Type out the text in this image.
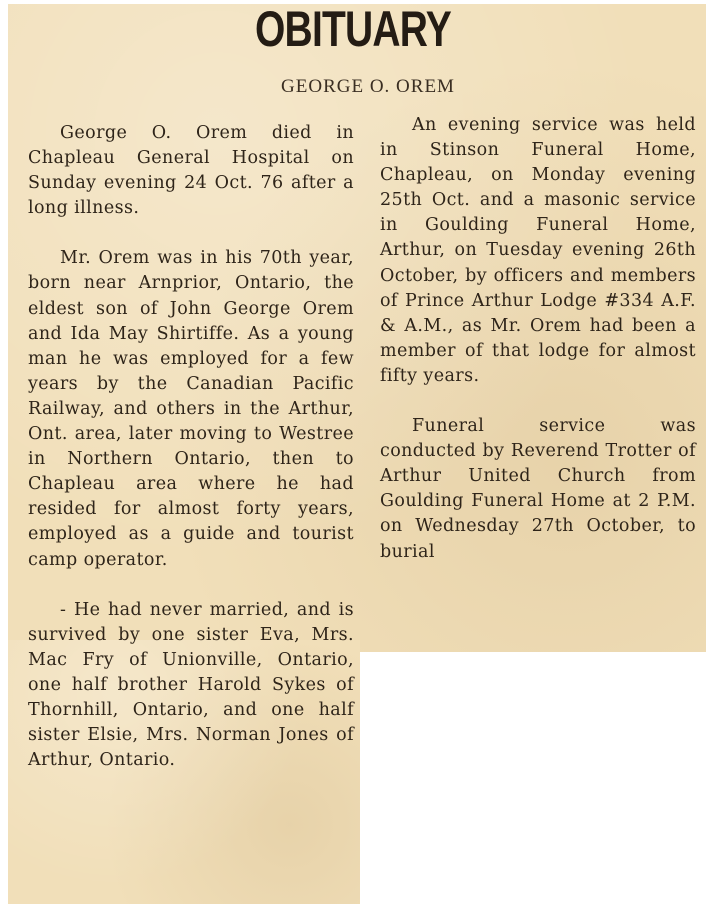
OBITUARY
GEORGE O. OREM

George O. Orem died in Chapleau General Hospital on Sunday evening 24 Oct. 76 after a long illness.

Mr. Orem was in his 70th year, born near Arnprior, Ontario, the eldest son of John George Orem and Ida May Shirtiffe. As a young man he was employed for a few years by the Canadian Pacific Railway, and others in the Arthur, Ont. area, later moving to Westree in Northern Ontario, then to Chapleau area where he had resided for almost forty years, employed as a guide and tourist camp operator.

- He had never married, and is survived by one sister Eva, Mrs. Mac Fry of Unionville, Ontario, one half brother Harold Sykes of Thornhill, Ontario, and one half sister Elsie, Mrs. Norman Jones of Arthur, Ontario.

An evening service was held in Stinson Funeral Home, Chapleau, on Monday evening 25th Oct. and a masonic service in Goulding Funeral Home, Arthur, on Tuesday evening 26th October, by officers and members of Prince Arthur Lodge #334 A.F. & A.M., as Mr. Orem had been a member of that lodge for almost fifty years.

Funeral service was conducted by Reverend Trotter of Arthur United Church from Goulding Funeral Home at 2 P.M. on Wednesday 27th October, to burial
